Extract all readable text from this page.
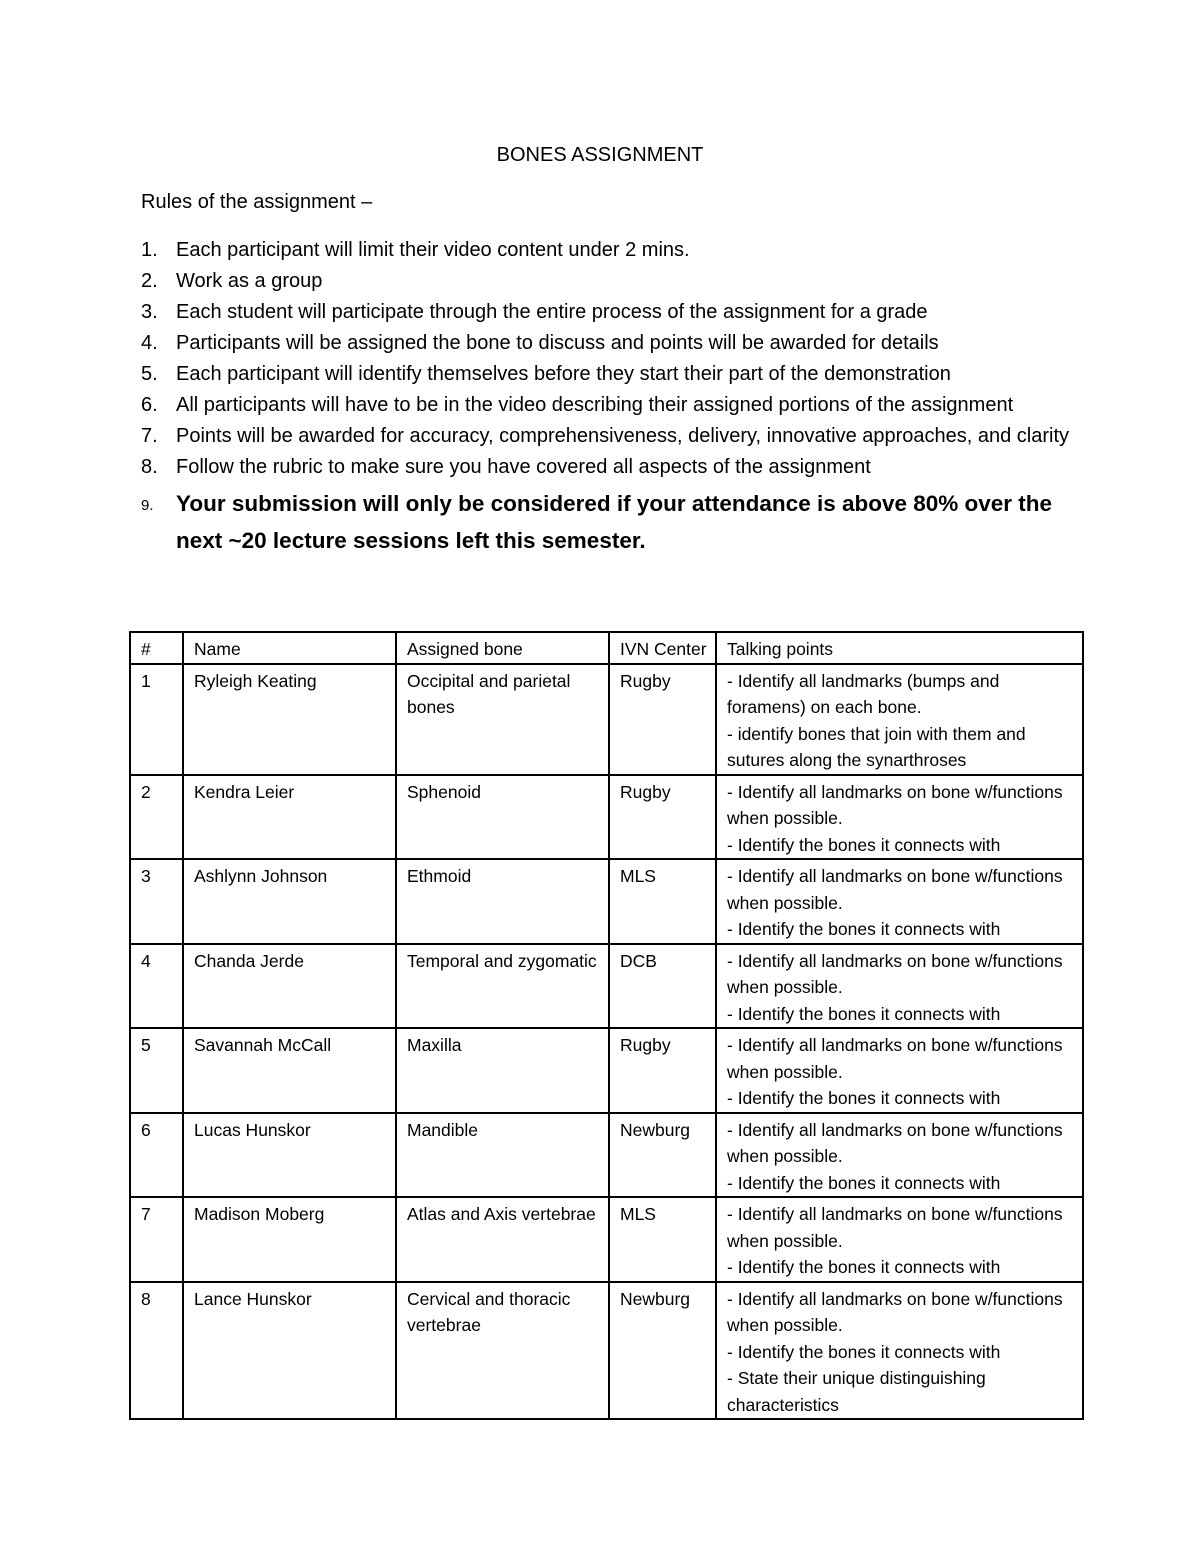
BONES ASSIGNMENT
Rules of the assignment –
1. Each participant will limit their video content under 2 mins.
2. Work as a group
3. Each student will participate through the entire process of the assignment for a grade
4. Participants will be assigned the bone to discuss and points will be awarded for details
5. Each participant will identify themselves before they start their part of the demonstration
6. All participants will have to be in the video describing their assigned portions of the assignment
7. Points will be awarded for accuracy, comprehensiveness, delivery, innovative approaches, and clarity
8. Follow the rubric to make sure you have covered all aspects of the assignment
9. Your submission will only be considered if your attendance is above 80% over the next ~20 lecture sessions left this semester.
#	Name	Assigned bone	IVN Center	Talking points
1	Ryleigh Keating	Occipital and parietal bones	Rugby	- Identify all landmarks (bumps and foramens) on each bone.
- identify bones that join with them and sutures along the synarthroses

2	Kendra Leier	Sphenoid	Rugby	- Identify all landmarks on bone w/functions when possible.
- Identify the bones it connects with

3	Ashlynn Johnson	Ethmoid	MLS	- Identify all landmarks on bone w/functions when possible.
- Identify the bones it connects with

4	Chanda Jerde	Temporal and zygomatic	DCB	- Identify all landmarks on bone w/functions when possible.
- Identify the bones it connects with

5	Savannah McCall	Maxilla	Rugby	- Identify all landmarks on bone w/functions when possible.
- Identify the bones it connects with

6	Lucas Hunskor	Mandible	Newburg	- Identify all landmarks on bone w/functions when possible.
- Identify the bones it connects with

7	Madison Moberg	Atlas and Axis vertebrae	MLS	- Identify all landmarks on bone w/functions when possible.
- Identify the bones it connects with

8	Lance Hunskor	Cervical and thoracic vertebrae	Newburg	- Identify all landmarks on bone w/functions when possible.
- Identify the bones it connects with
- State their unique distinguishing characteristics
